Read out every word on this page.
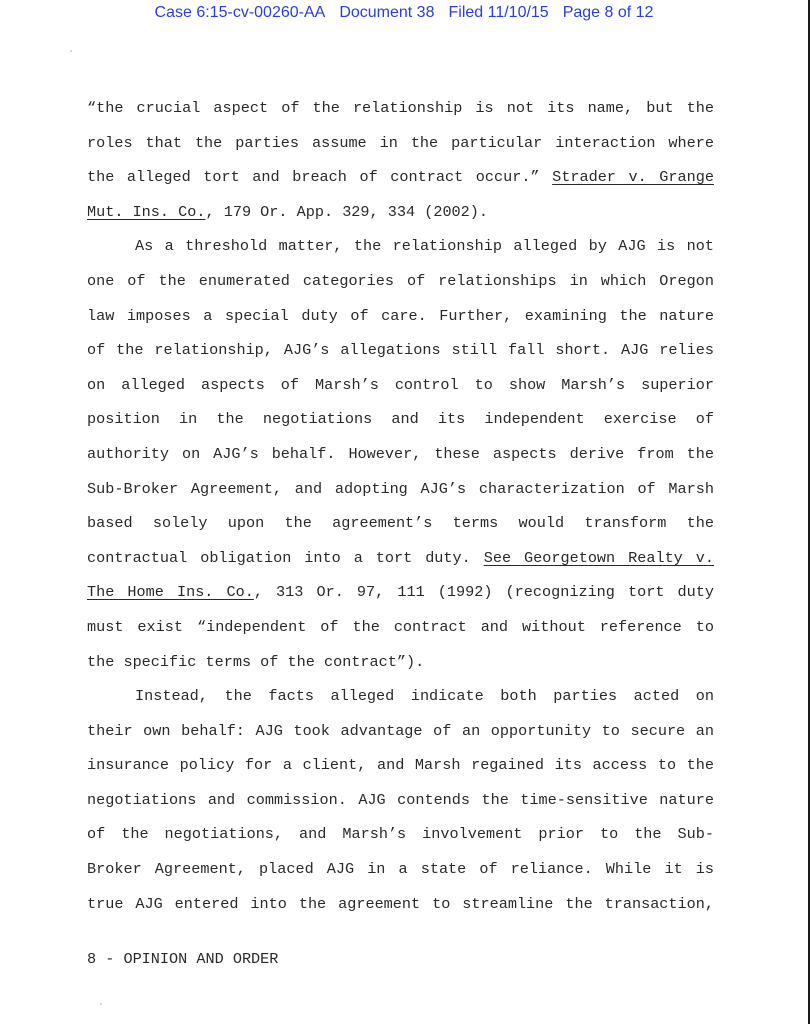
Case 6:15-cv-00260-AA Document 38 Filed 11/10/15 Page 8 of 12
“the crucial aspect of the relationship is not its name, but the
roles that the parties assume in the particular interaction where
the alleged tort and breach of contract occur.” Strader v. Grange
Mut. Ins. Co., 179 Or. App. 329, 334 (2002).
As a threshold matter, the relationship alleged by AJG is not
one of the enumerated categories of relationships in which Oregon
law imposes a special duty of care. Further, examining the nature
of the relationship, AJG’s allegations still fall short. AJG relies
on alleged aspects of Marsh’s control to show Marsh’s superior
position in the negotiations and its independent exercise of
authority on AJG’s behalf. However, these aspects derive from the
Sub-Broker Agreement, and adopting AJG’s characterization of Marsh
based solely upon the agreement’s terms would transform the
contractual obligation into a tort duty. See Georgetown Realty v.
The Home Ins. Co., 313 Or. 97, 111 (1992) (recognizing tort duty
must exist “independent of the contract and without reference to
the specific terms of the contract”).
Instead, the facts alleged indicate both parties acted on
their own behalf: AJG took advantage of an opportunity to secure an
insurance policy for a client, and Marsh regained its access to the
negotiations and commission. AJG contends the time-sensitive nature
of the negotiations, and Marsh’s involvement prior to the Sub-
Broker Agreement, placed AJG in a state of reliance. While it is
true AJG entered into the agreement to streamline the transaction,
8 - OPINION AND ORDER
